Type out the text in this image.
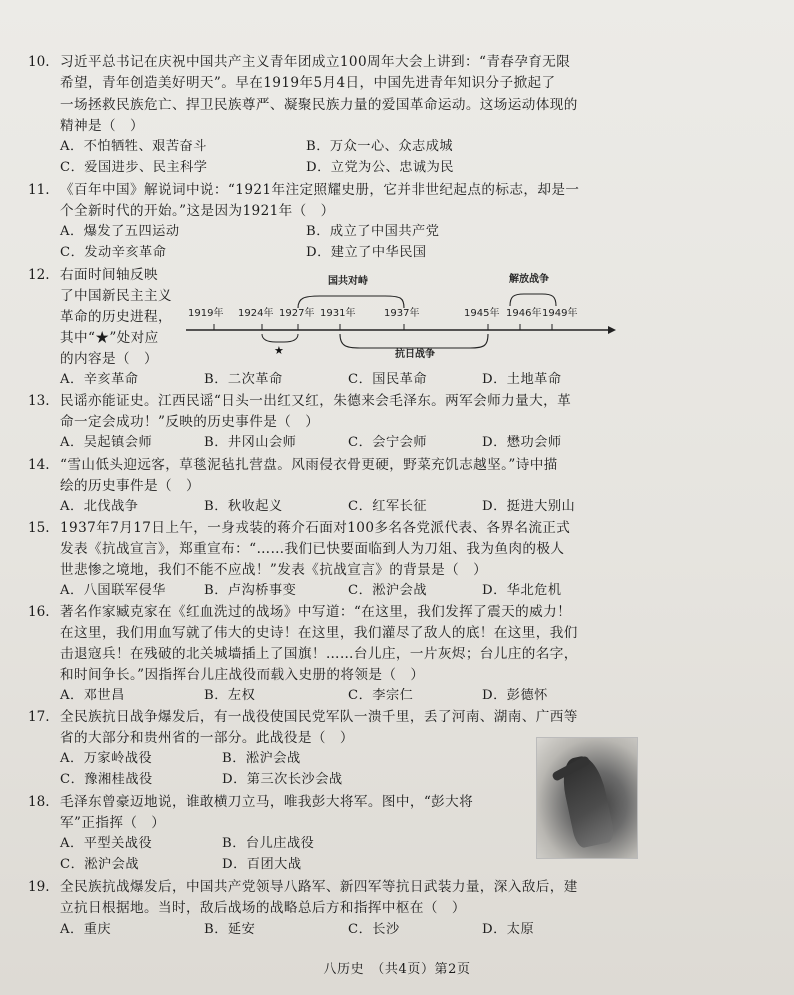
10. 习近平总书记在庆祝中国共产主义青年团成立100周年大会上讲到：“青春孕育无限
希望，青年创造美好明天”。早在1919年5月4日，中国先进青年知识分子掀起了
一场拯救民族危亡、捍卫民族尊严、凝聚民族力量的爱国革命运动。这场运动体现的
精神是（　）
A．不怕牺牲、艰苦奋斗	B．万众一心、众志成城
C．爱国进步、民主科学	D．立党为公、忠诚为民
11. 《百年中国》解说词中说：“1921年注定照耀史册，它并非世纪起点的标志，却是一
个全新时代的开始。”这是因为1921年（　）
A．爆发了五四运动	B．成立了中国共产党
C．发动辛亥革命	D．建立了中华民国
12. 右面时间轴反映
了中国新民主主义
革命的历史进程，
其中“★”处对应
的内容是（　）
1919年 1924年 1927年 1931年	1937年	1945年 1946年 1949年
国共对峙	解放战争
抗日战争
★
A．辛亥革命	B．二次革命	C．国民革命	D．土地革命
13. 民谣亦能证史。江西民谣“日头一出红又红，朱德来会毛泽东。两军会师力量大，革
命一定会成功！”反映的历史事件是（　）
A．吴起镇会师	B．井冈山会师	C．会宁会师	D．懋功会师
14. “雪山低头迎远客，草毯泥毡扎营盘。风雨侵衣骨更硬，野菜充饥志越坚。”诗中描
绘的历史事件是（　）
A．北伐战争	B．秋收起义	C．红军长征	D．挺进大别山
15. 1937年7月17日上午，一身戎装的蒋介石面对100多名各党派代表、各界名流正式
发表《抗战宣言》，郑重宣布：“……我们已快要面临到人为刀俎、我为鱼肉的极人
世悲惨之境地，我们不能不应战！”发表《抗战宣言》的背景是（　）
A．八国联军侵华	B．卢沟桥事变	C．淞沪会战	D．华北危机
16. 著名作家臧克家在《红血洗过的战场》中写道：“在这里，我们发挥了震天的威力！
在这里，我们用血写就了伟大的史诗！在这里，我们灌尽了敌人的底！在这里，我们
击退寇兵！在残破的北关城墙插上了国旗！……台儿庄，一片灰烬；台儿庄的名字，
和时间争长。”因指挥台儿庄战役而载入史册的将领是（　）
A．邓世昌	B．左权	C．李宗仁	D．彭德怀
17. 全民族抗日战争爆发后，有一战役使国民党军队一溃千里，丢了河南、湖南、广西等
省的大部分和贵州省的一部分。此战役是（　）
A．万家岭战役	B．淞沪会战
C．豫湘桂战役	D．第三次长沙会战
18. 毛泽东曾豪迈地说，谁敢横刀立马，唯我彭大将军。图中，“彭大将
军”正指挥（　）
A．平型关战役	B．台儿庄战役
C．淞沪会战	D．百团大战
19. 全民族抗战爆发后，中国共产党领导八路军、新四军等抗日武装力量，深入敌后，建
立抗日根据地。当时，敌后战场的战略总后方和指挥中枢在（　）
A．重庆	B．延安	C．长沙	D．太原
八历史　（共4页）第2页
